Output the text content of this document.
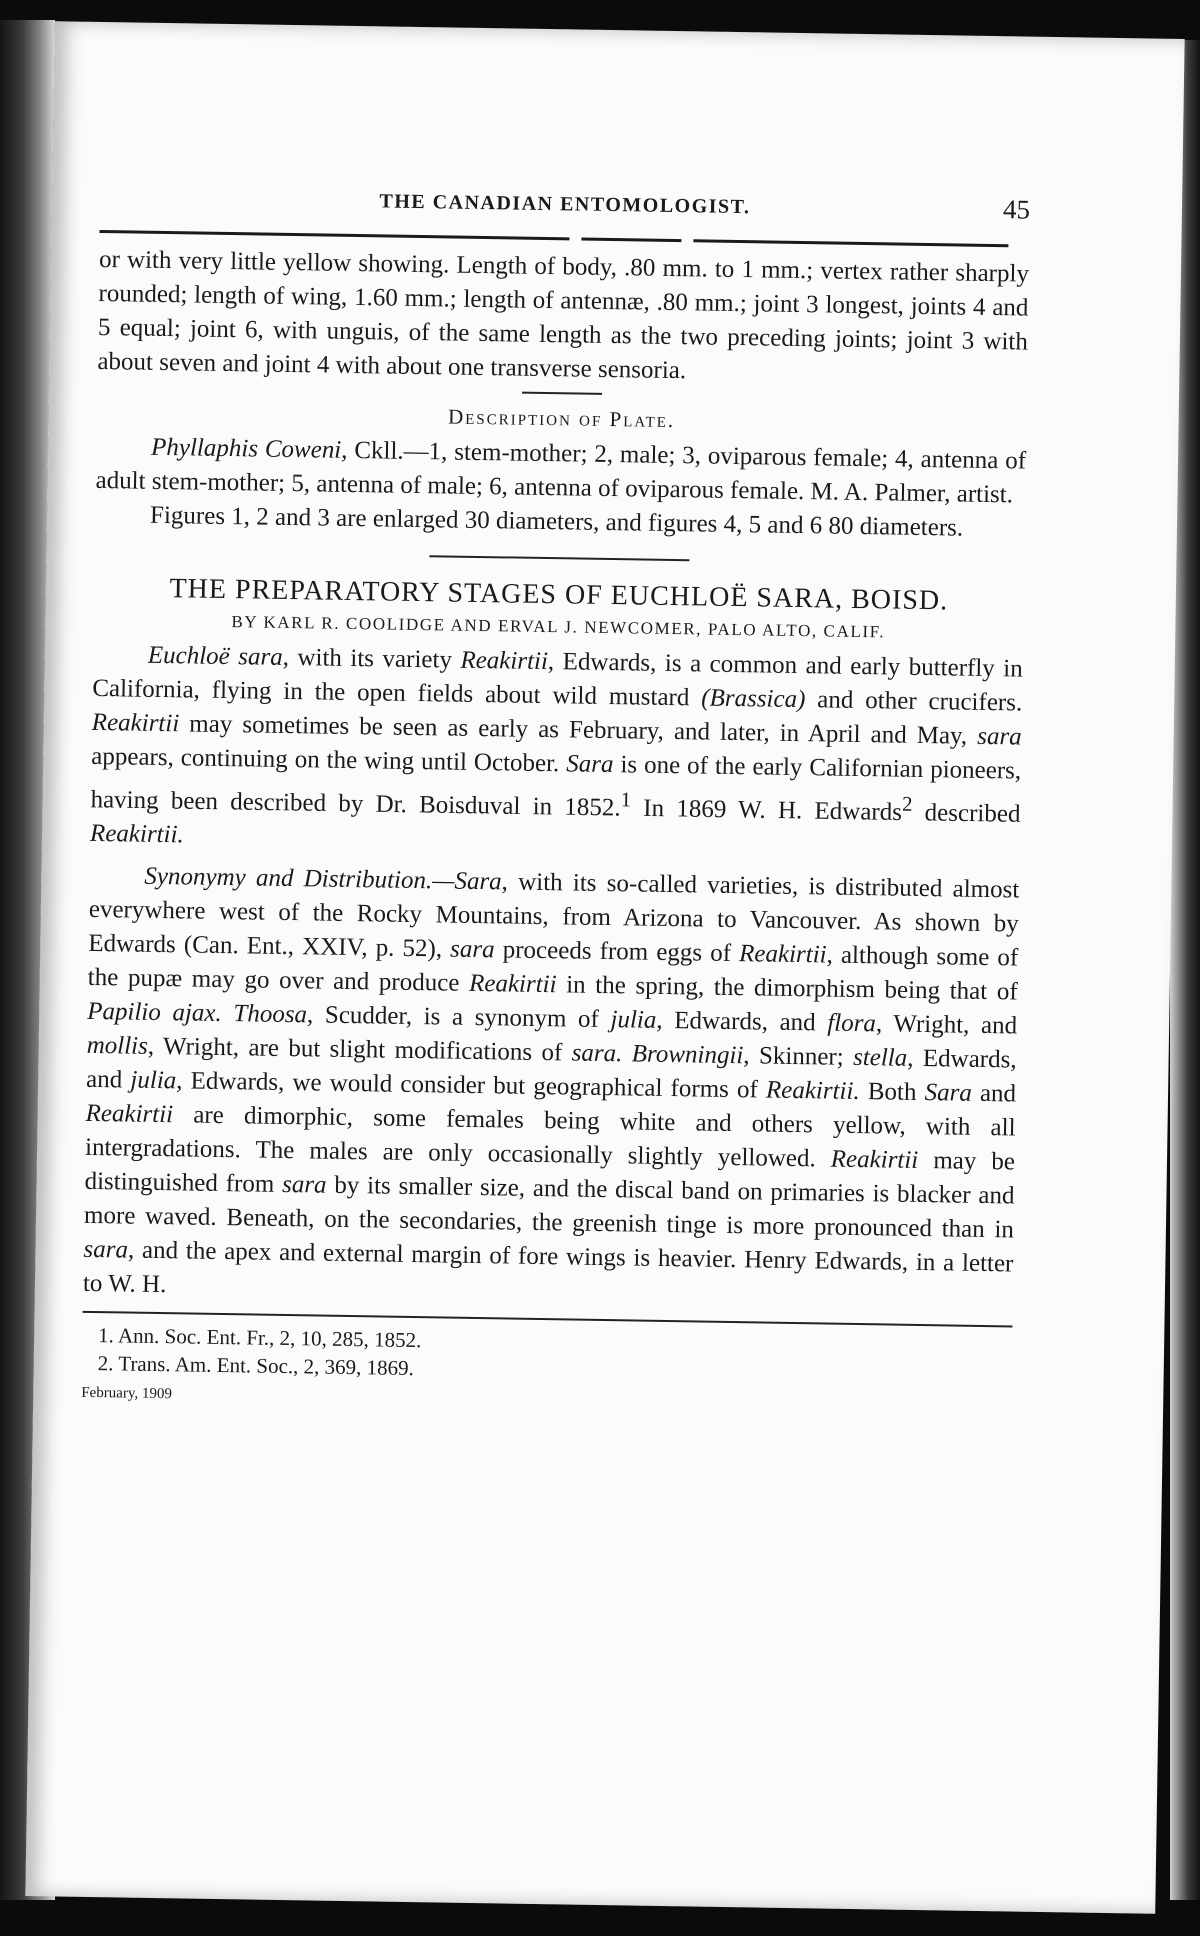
THE CANADIAN ENTOMOLOGIST.	45

or with very little yellow showing. Length of body, .80 mm. to 1 mm.; vertex rather sharply rounded; length of wing, 1.60 mm.; length of antennæ, .80 mm.; joint 3 longest, joints 4 and 5 equal; joint 6, with unguis, of the same length as the two preceding joints; joint 3 with about seven and joint 4 with about one transverse sensoria.

Description of Plate.

Phyllaphis Coweni, Ckll.—1, stem-mother; 2, male; 3, oviparous female; 4, antenna of adult stem-mother; 5, antenna of male; 6, antenna of oviparous female. M. A. Palmer, artist.

Figures 1, 2 and 3 are enlarged 30 diameters, and figures 4, 5 and 6 80 diameters.

THE PREPARATORY STAGES OF EUCHLOË SARA, BOISD.
BY KARL R. COOLIDGE AND ERVAL J. NEWCOMER, PALO ALTO, CALIF.

Euchloë sara, with its variety Reakirtii, Edwards, is a common and early butterfly in California, flying in the open fields about wild mustard (Brassica) and other crucifers. Reakirtii may sometimes be seen as early as February, and later, in April and May, sara appears, continuing on the wing until October. Sara is one of the early Californian pioneers, having been described by Dr. Boisduval in 1852.$^1$ In 1869 W. H. Edwards$^2$ described Reakirtii.

Synonymy and Distribution.—Sara, with its so-called varieties, is distributed almost everywhere west of the Rocky Mountains, from Arizona to Vancouver. As shown by Edwards (Can. Ent., XXIV, p. 52), sara proceeds from eggs of Reakirtii, although some of the pupæ may go over and produce Reakirtii in the spring, the dimorphism being that of Papilio ajax. Thoosa, Scudder, is a synonym of julia, Edwards, and flora, Wright, and mollis, Wright, are but slight modifications of sara. Browningii, Skinner; stella, Edwards, and julia, Edwards, we would consider but geographical forms of Reakirtii. Both Sara and Reakirtii are dimorphic, some females being white and others yellow, with all intergradations. The males are only occasionally slightly yellowed. Reakirtii may be distinguished from sara by its smaller size, and the discal band on primaries is blacker and more waved. Beneath, on the secondaries, the greenish tinge is more pronounced than in sara, and the apex and external margin of fore wings is heavier. Henry Edwards, in a letter to W. H.

1. Ann. Soc. Ent. Fr., 2, 10, 285, 1852.
2. Trans. Am. Ent. Soc., 2, 369, 1869.
February, 1909
